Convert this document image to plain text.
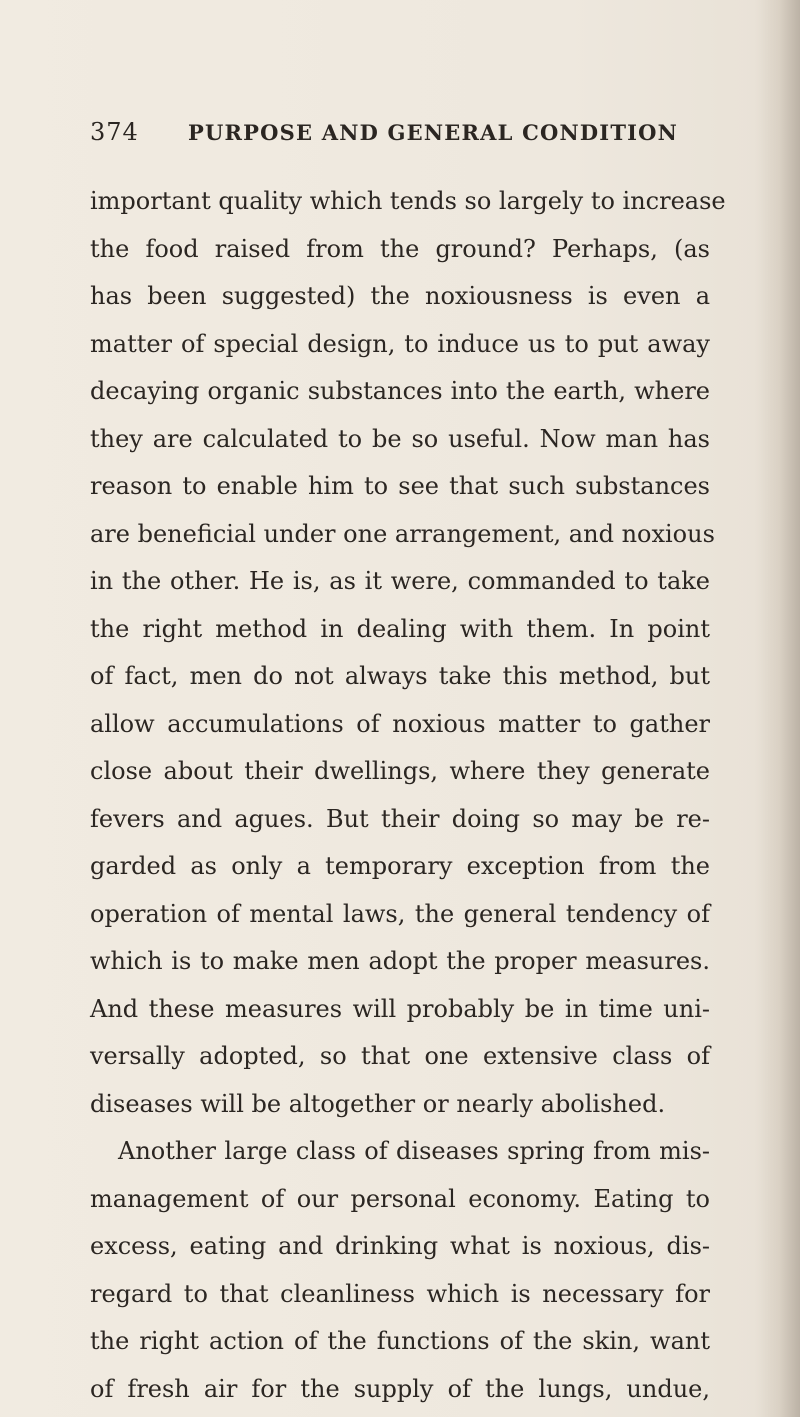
374	PURPOSE AND GENERAL CONDITION
important quality which tends so largely to increase
the food raised from the ground? Perhaps, (as
has been suggested) the noxiousness is even a
matter of special design, to induce us to put away
decaying organic substances into the earth, where
they are calculated to be so useful. Now man has
reason to enable him to see that such substances
are beneficial under one arrangement, and noxious
in the other. He is, as it were, commanded to take
the right method in dealing with them. In point
of fact, men do not always take this method, but
allow accumulations of noxious matter to gather
close about their dwellings, where they generate
fevers and agues. But their doing so may be re-
garded as only a temporary exception from the
operation of mental laws, the general tendency of
which is to make men adopt the proper measures.
And these measures will probably be in time uni-
versally adopted, so that one extensive class of
diseases will be altogether or nearly abolished.
Another large class of diseases spring from mis-
management of our personal economy. Eating to
excess, eating and drinking what is noxious, dis-
regard to that cleanliness which is necessary for
the right action of the functions of the skin, want
of fresh air for the supply of the lungs, undue,
